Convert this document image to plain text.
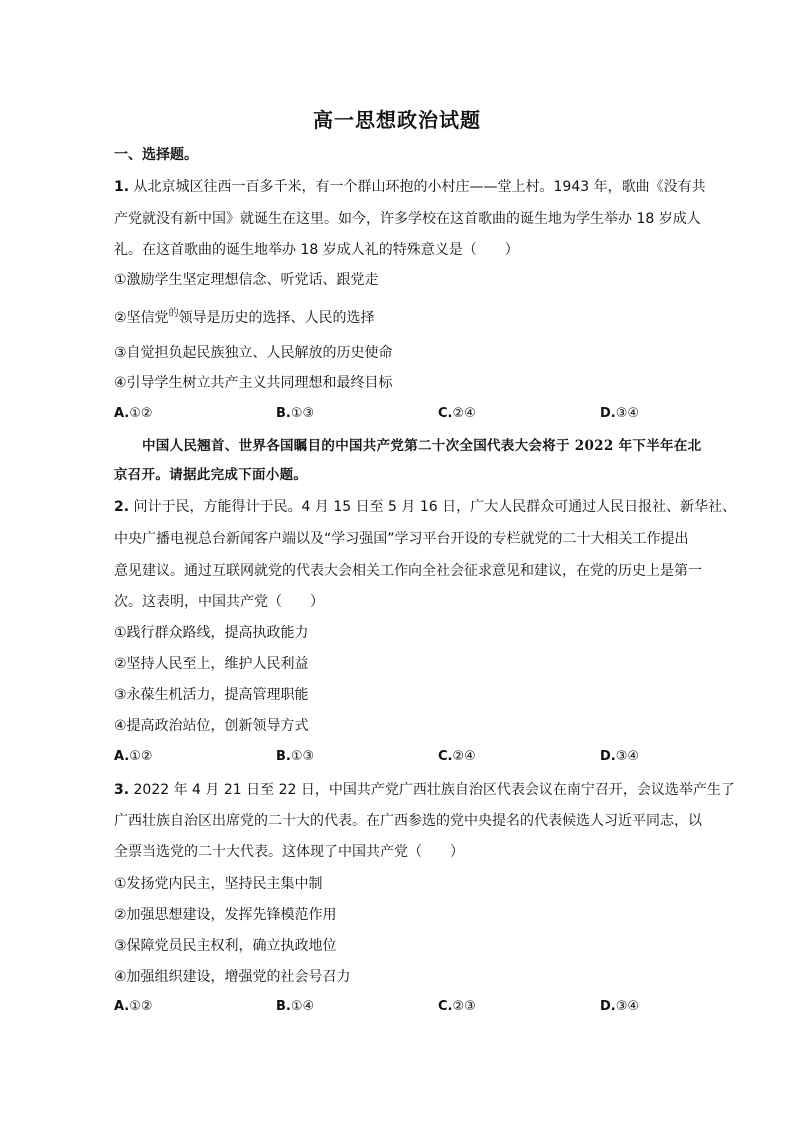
高一思想政治试题
一、选择题。
1. 从北京城区往西一百多千米，有一个群山环抱的小村庄——堂上村。1943 年，歌曲《没有共
产党就没有新中国》就诞生在这里。如今，许多学校在这首歌曲的诞生地为学生举办 18 岁成人
礼。在这首歌曲的诞生地举办 18 岁成人礼的特殊意义是（　　）
①激励学生坚定理想信念、听党话、跟党走
②坚信党$^的$领导是历史的选择、人民的选择
③自觉担负起民族独立、人民解放的历史使命
④引导学生树立共产主义共同理想和最终目标
A.①②	B.①③	C.②④	D.③④
中国人民翘首、世界各国瞩目的中国共产党第二十次全国代表大会将于 2022 年下半年在北
京召开。请据此完成下面小题。
2. 问计于民，方能得计于民。4 月 15 日至 5 月 16 日，广大人民群众可通过人民日报社、新华社、
中央广播电视总台新闻客户端以及“学习强国”学习平台开设的专栏就党的二十大相关工作提出
意见建议。通过互联网就党的代表大会相关工作向全社会征求意见和建议，在党的历史上是第一
次。这表明，中国共产党（　　）
①践行群众路线，提高执政能力
②坚持人民至上，维护人民利益
③永葆生机活力，提高管理职能
④提高政治站位，创新领导方式
A.①②	B.①③	C.②④	D.③④
3. 2022 年 4 月 21 日至 22 日，中国共产党广西壮族自治区代表会议在南宁召开，会议选举产生了
广西壮族自治区出席党的二十大的代表。在广西参选的党中央提名的代表候选人习近平同志，以
全票当选党的二十大代表。这体现了中国共产党（　　）
①发扬党内民主，坚持民主集中制
②加强思想建设，发挥先锋模范作用
③保障党员民主权利，确立执政地位
④加强组织建设，增强党的社会号召力
A.①②	B.①④	C.②③	D.③④
